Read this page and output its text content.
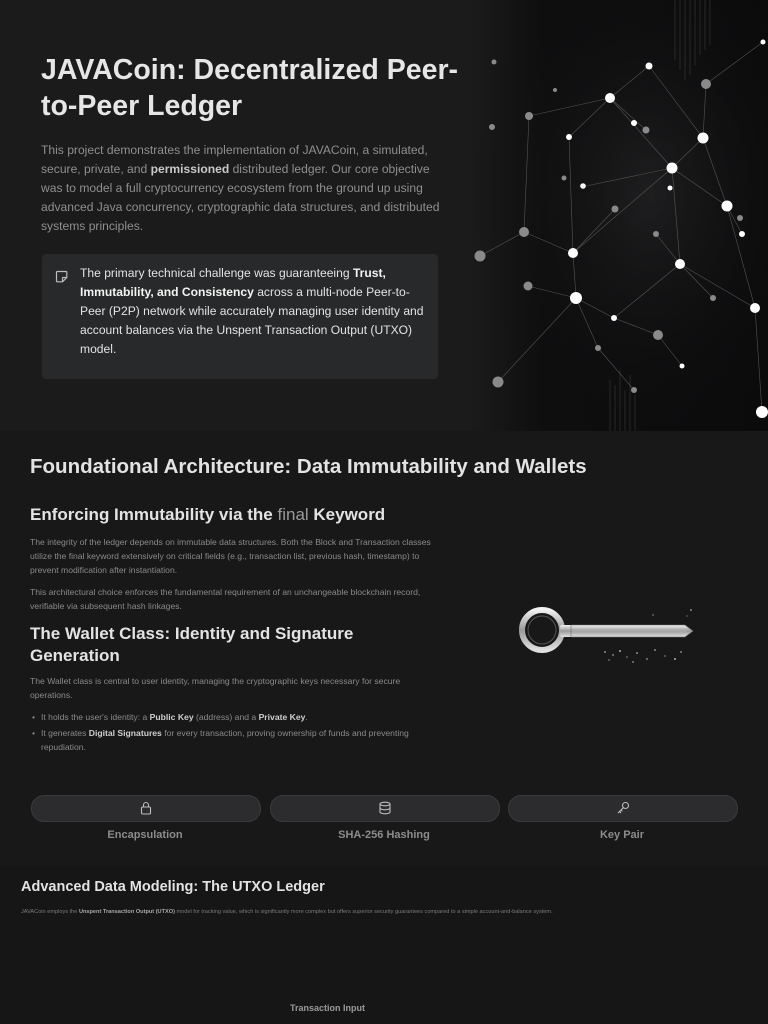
JAVACoin: Decentralized Peer-to-Peer Ledger

This project demonstrates the implementation of JAVACoin, a simulated, secure, private, and permissioned distributed ledger. Our core objective was to model a full cryptocurrency ecosystem from the ground up using advanced Java concurrency, cryptographic data structures, and distributed systems principles.

The primary technical challenge was guaranteeing Trust, Immutability, and Consistency across a multi-node Peer-to-Peer (P2P) network while accurately managing user identity and account balances via the Unspent Transaction Output (UTXO) model.

Foundational Architecture: Data Immutability and Wallets
Enforcing Immutability via the final Keyword

The integrity of the ledger depends on immutable data structures. Both the Block and Transaction classes utilize the final keyword extensively on critical fields (e.g., transaction list, previous hash, timestamp) to prevent modification after instantiation.

This architectural choice enforces the fundamental requirement of an unchangeable blockchain record, verifiable via subsequent hash linkages.

The Wallet Class: Identity and Signature Generation

The Wallet class is central to user identity, managing the cryptographic keys necessary for secure operations.

• It holds the user's identity: a Public Key (address) and a Private Key.
• It generates Digital Signatures for every transaction, proving ownership of funds and preventing repudiation.
Encapsulation	SHA-256 Hashing	Key Pair
Advanced Data Modeling: The UTXO Ledger

JAVACoin employs the Unspent Transaction Output (UTXO) model for tracking value, which is significantly more complex but offers superior security guarantees compared to a simple account-and-balance system.

Transaction Input
